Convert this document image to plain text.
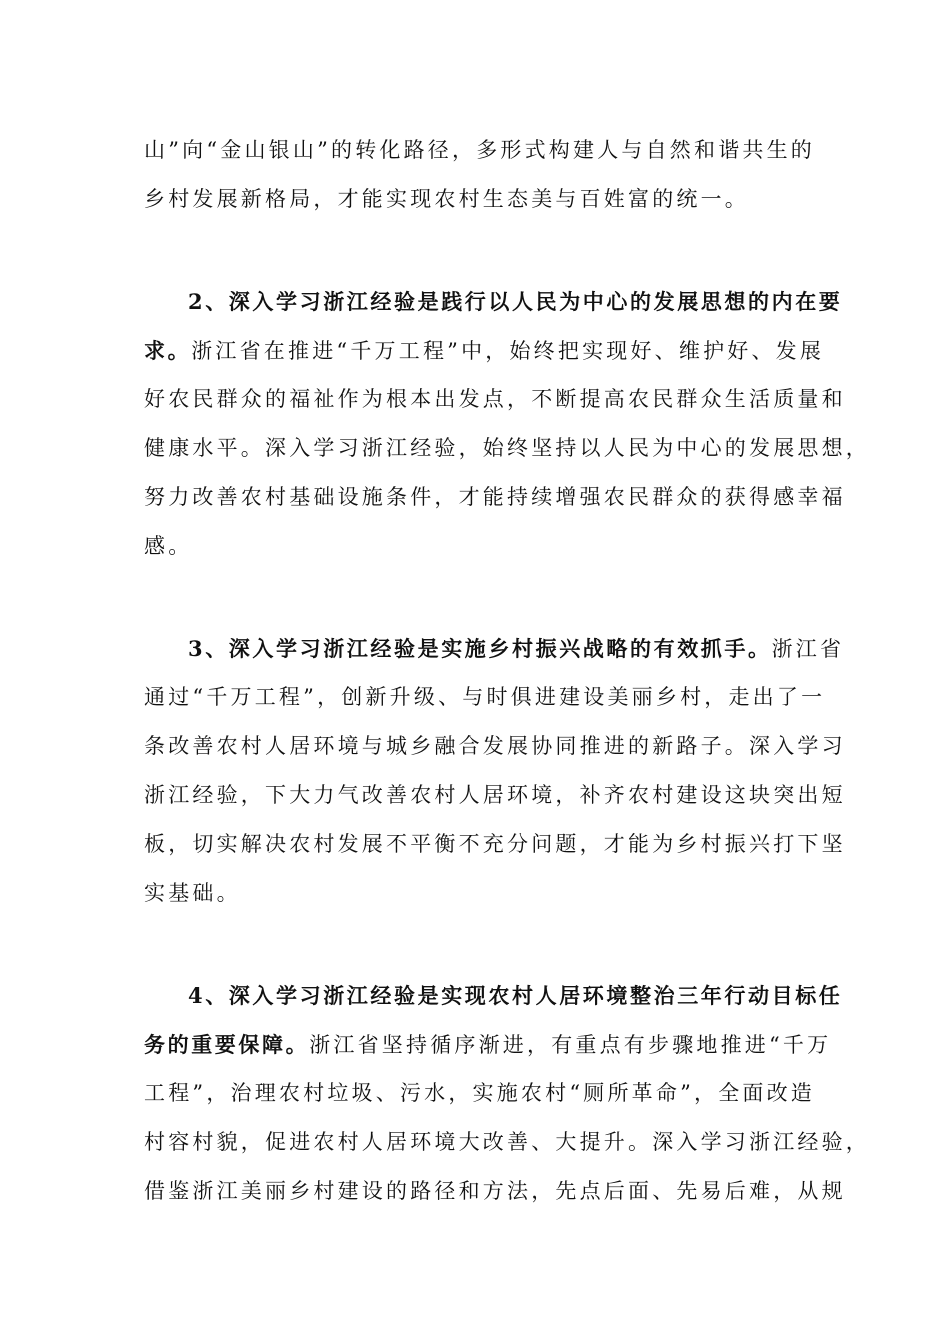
山”向“金山银山”的转化路径，多形式构建人与自然和谐共生的
乡村发展新格局，才能实现农村生态美与百姓富的统一。
2、深入学习浙江经验是践行以人民为中心的发展思想的内在要
求。浙江省在推进“千万工程”中，始终把实现好、维护好、发展
好农民群众的福祉作为根本出发点，不断提高农民群众生活质量和
健康水平。深入学习浙江经验，始终坚持以人民为中心的发展思想，
努力改善农村基础设施条件，才能持续增强农民群众的获得感幸福
感。
3、深入学习浙江经验是实施乡村振兴战略的有效抓手。浙江省
通过“千万工程”，创新升级、与时俱进建设美丽乡村，走出了一
条改善农村人居环境与城乡融合发展协同推进的新路子。深入学习
浙江经验，下大力气改善农村人居环境，补齐农村建设这块突出短
板，切实解决农村发展不平衡不充分问题，才能为乡村振兴打下坚
实基础。
4、深入学习浙江经验是实现农村人居环境整治三年行动目标任
务的重要保障。浙江省坚持循序渐进，有重点有步骤地推进“千万
工程”，治理农村垃圾、污水，实施农村“厕所革命”，全面改造
村容村貌，促进农村人居环境大改善、大提升。深入学习浙江经验，
借鉴浙江美丽乡村建设的路径和方法，先点后面、先易后难，从规
